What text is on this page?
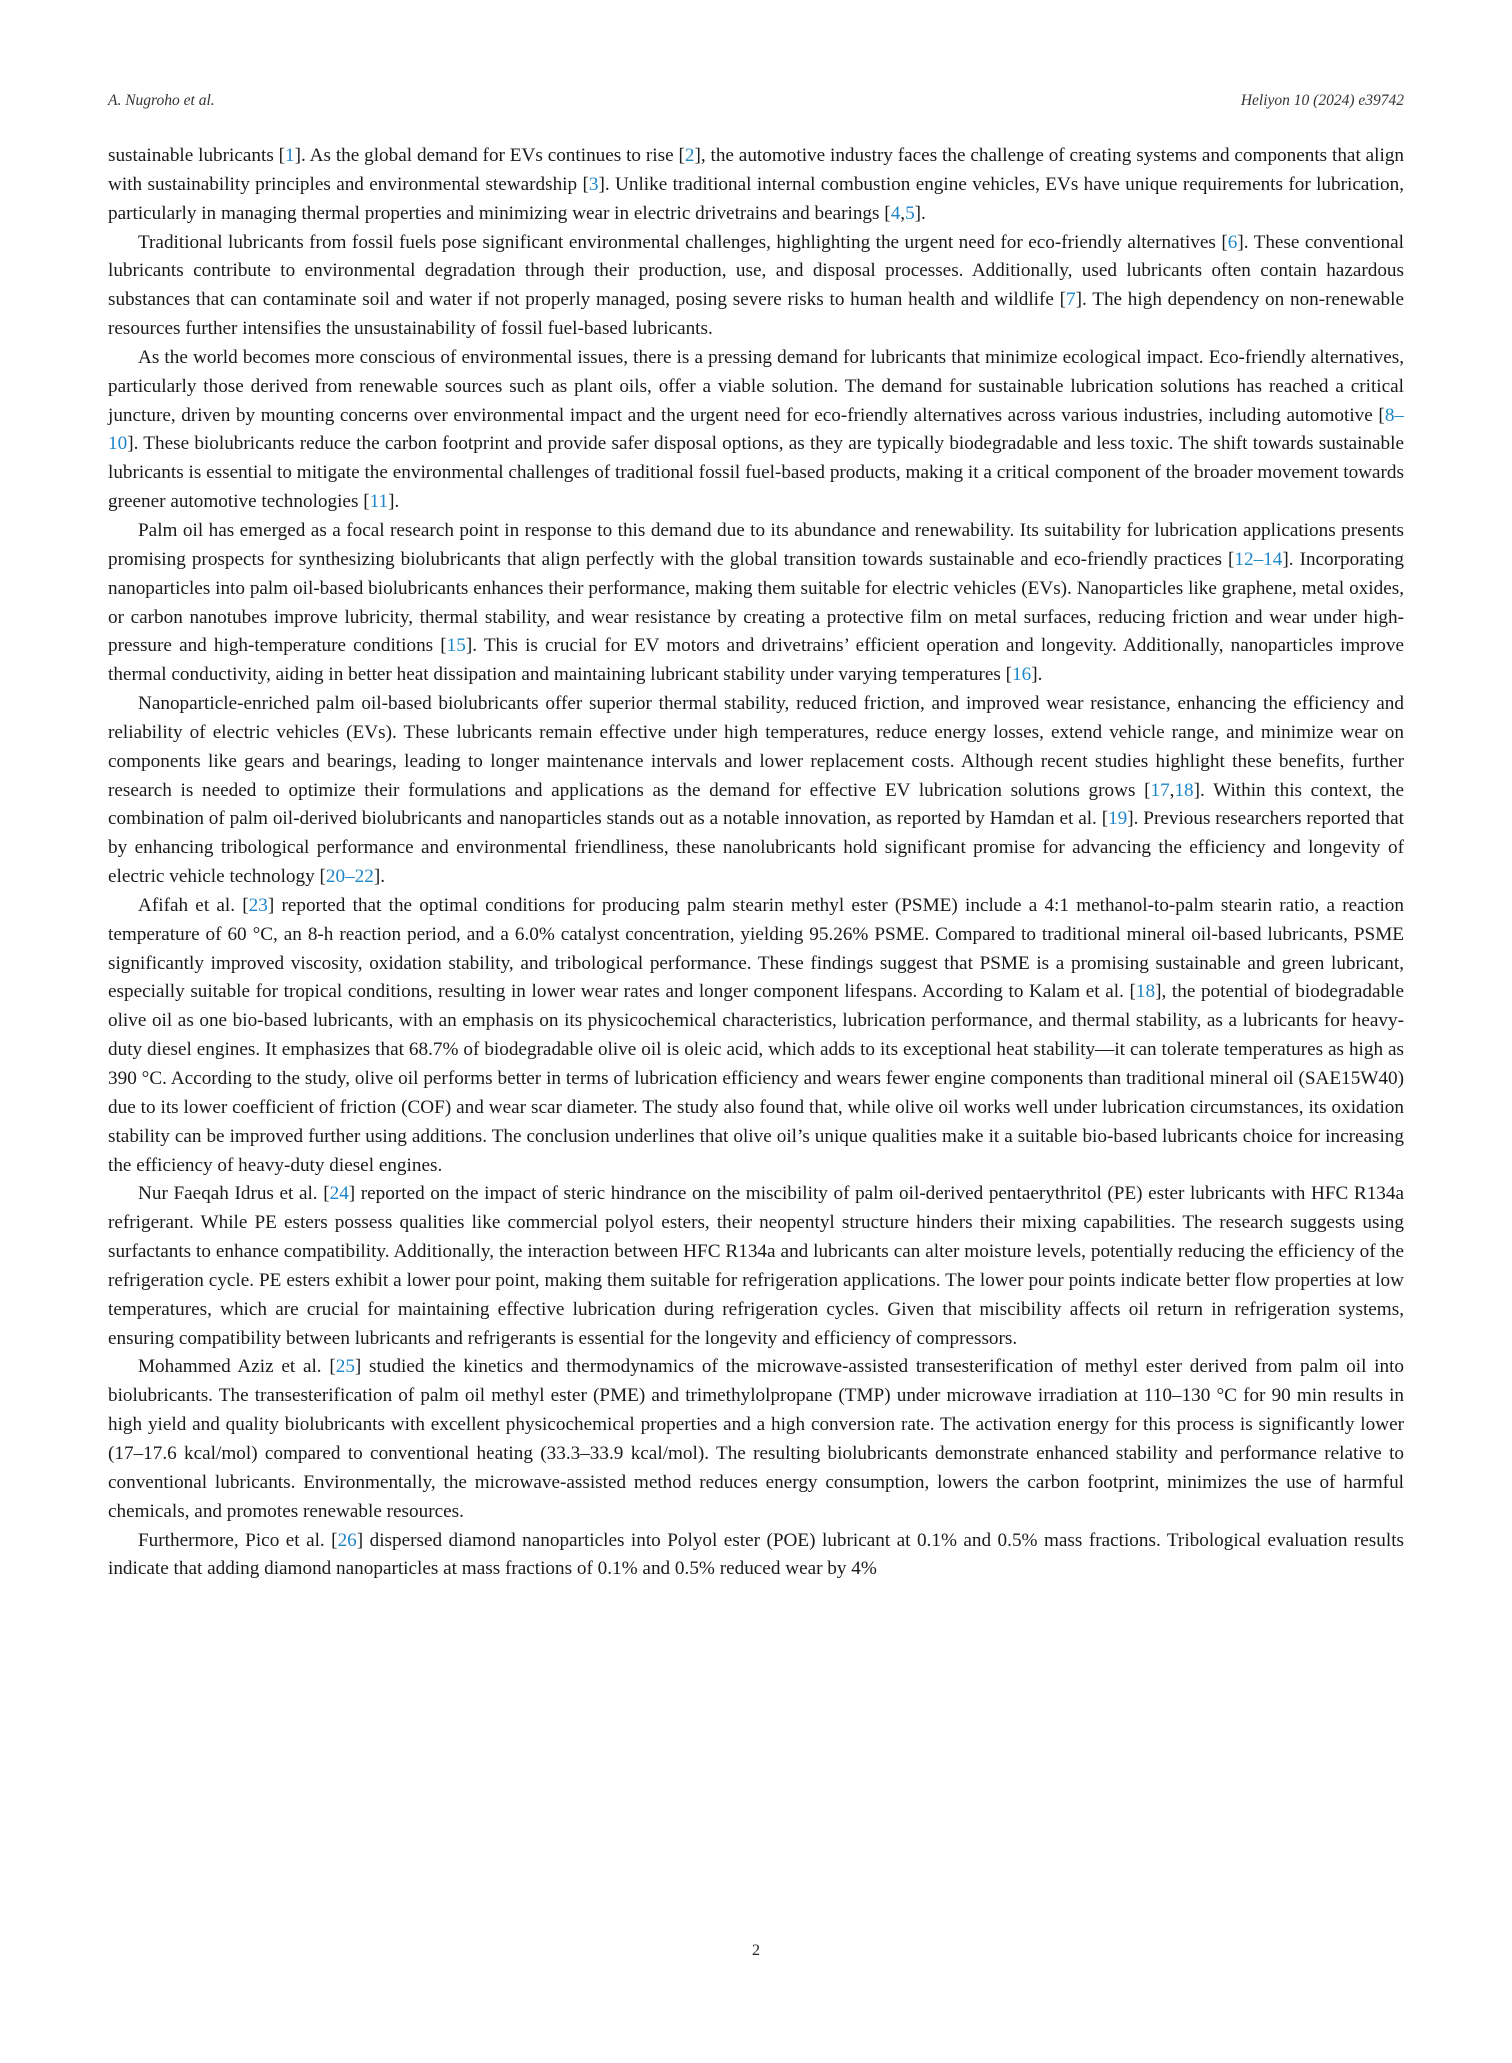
A. Nugroho et al.	Heliyon 10 (2024) e39742

sustainable lubricants [1]. As the global demand for EVs continues to rise [2], the automotive industry faces the challenge of creating systems and components that align with sustainability principles and environmental stewardship [3]. Unlike traditional internal combustion engine vehicles, EVs have unique requirements for lubrication, particularly in managing thermal properties and minimizing wear in electric drivetrains and bearings [4,5].

Traditional lubricants from fossil fuels pose significant environmental challenges, highlighting the urgent need for eco-friendly alternatives [6]. These conventional lubricants contribute to environmental degradation through their production, use, and disposal processes. Additionally, used lubricants often contain hazardous substances that can contaminate soil and water if not properly managed, posing severe risks to human health and wildlife [7]. The high dependency on non-renewable resources further intensifies the unsustainability of fossil fuel-based lubricants.

As the world becomes more conscious of environmental issues, there is a pressing demand for lubricants that minimize ecological impact. Eco-friendly alternatives, particularly those derived from renewable sources such as plant oils, offer a viable solution. The demand for sustainable lubrication solutions has reached a critical juncture, driven by mounting concerns over environmental impact and the urgent need for eco-friendly alternatives across various industries, including automotive [8–10]. These biolubricants reduce the carbon footprint and provide safer disposal options, as they are typically biodegradable and less toxic. The shift towards sustainable lubricants is essential to mitigate the environmental challenges of traditional fossil fuel-based products, making it a critical component of the broader movement towards greener automotive technologies [11].

Palm oil has emerged as a focal research point in response to this demand due to its abundance and renewability. Its suitability for lubrication applications presents promising prospects for synthesizing biolubricants that align perfectly with the global transition towards sustainable and eco-friendly practices [12–14]. Incorporating nanoparticles into palm oil-based biolubricants enhances their performance, making them suitable for electric vehicles (EVs). Nanoparticles like graphene, metal oxides, or carbon nanotubes improve lubricity, thermal stability, and wear resistance by creating a protective film on metal surfaces, reducing friction and wear under high-pressure and high-temperature conditions [15]. This is crucial for EV motors and drivetrains’ efficient operation and longevity. Additionally, nanoparticles improve thermal conductivity, aiding in better heat dissipation and maintaining lubricant stability under varying temperatures [16].

Nanoparticle-enriched palm oil-based biolubricants offer superior thermal stability, reduced friction, and improved wear resistance, enhancing the efficiency and reliability of electric vehicles (EVs). These lubricants remain effective under high temperatures, reduce energy losses, extend vehicle range, and minimize wear on components like gears and bearings, leading to longer maintenance intervals and lower replacement costs. Although recent studies highlight these benefits, further research is needed to optimize their formulations and applications as the demand for effective EV lubrication solutions grows [17,18]. Within this context, the combination of palm oil-derived biolubricants and nanoparticles stands out as a notable innovation, as reported by Hamdan et al. [19]. Previous researchers reported that by enhancing tribological performance and environmental friendliness, these nanolubricants hold significant promise for advancing the efficiency and longevity of electric vehicle technology [20–22].

Afifah et al. [23] reported that the optimal conditions for producing palm stearin methyl ester (PSME) include a 4:1 methanol-to-palm stearin ratio, a reaction temperature of 60 °C, an 8-h reaction period, and a 6.0% catalyst concentration, yielding 95.26% PSME. Compared to traditional mineral oil-based lubricants, PSME significantly improved viscosity, oxidation stability, and tribological performance. These findings suggest that PSME is a promising sustainable and green lubricant, especially suitable for tropical conditions, resulting in lower wear rates and longer component lifespans. According to Kalam et al. [18], the potential of biodegradable olive oil as one bio-based lubricants, with an emphasis on its physicochemical characteristics, lubrication performance, and thermal stability, as a lubricants for heavy-duty diesel engines. It emphasizes that 68.7% of biodegradable olive oil is oleic acid, which adds to its exceptional heat stability—it can tolerate temperatures as high as 390 °C. According to the study, olive oil performs better in terms of lubrication efficiency and wears fewer engine components than traditional mineral oil (SAE15W40) due to its lower coefficient of friction (COF) and wear scar diameter. The study also found that, while olive oil works well under lubrication circumstances, its oxidation stability can be improved further using additions. The conclusion underlines that olive oil’s unique qualities make it a suitable bio-based lubricants choice for increasing the efficiency of heavy-duty diesel engines.

Nur Faeqah Idrus et al. [24] reported on the impact of steric hindrance on the miscibility of palm oil-derived pentaerythritol (PE) ester lubricants with HFC R134a refrigerant. While PE esters possess qualities like commercial polyol esters, their neopentyl structure hinders their mixing capabilities. The research suggests using surfactants to enhance compatibility. Additionally, the interaction between HFC R134a and lubricants can alter moisture levels, potentially reducing the efficiency of the refrigeration cycle. PE esters exhibit a lower pour point, making them suitable for refrigeration applications. The lower pour points indicate better flow properties at low temperatures, which are crucial for maintaining effective lubrication during refrigeration cycles. Given that miscibility affects oil return in refrigeration systems, ensuring compatibility between lubricants and refrigerants is essential for the longevity and efficiency of compressors.

Mohammed Aziz et al. [25] studied the kinetics and thermodynamics of the microwave-assisted transesterification of methyl ester derived from palm oil into biolubricants. The transesterification of palm oil methyl ester (PME) and trimethylolpropane (TMP) under microwave irradiation at 110–130 °C for 90 min results in high yield and quality biolubricants with excellent physicochemical properties and a high conversion rate. The activation energy for this process is significantly lower (17–17.6 kcal/mol) compared to conventional heating (33.3–33.9 kcal/mol). The resulting biolubricants demonstrate enhanced stability and performance relative to conventional lubricants. Environmentally, the microwave-assisted method reduces energy consumption, lowers the carbon footprint, minimizes the use of harmful chemicals, and promotes renewable resources.

Furthermore, Pico et al. [26] dispersed diamond nanoparticles into Polyol ester (POE) lubricant at 0.1% and 0.5% mass fractions. Tribological evaluation results indicate that adding diamond nanoparticles at mass fractions of 0.1% and 0.5% reduced wear by 4%

2
